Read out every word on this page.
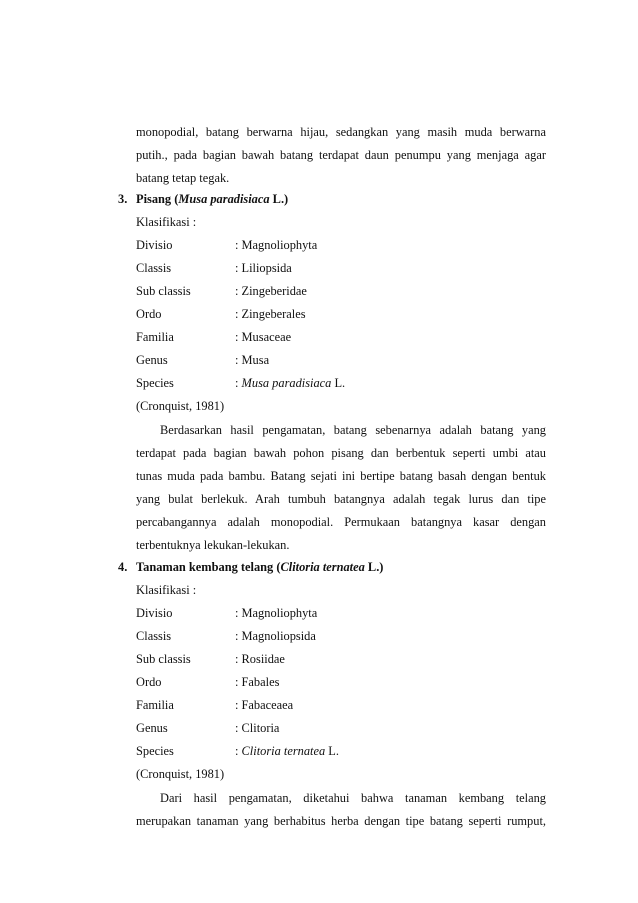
monopodial, batang berwarna hijau, sedangkan yang masih muda berwarna
putih., pada bagian bawah batang terdapat daun penumpu yang menjaga agar
batang tetap tegak.
3. Pisang (Musa paradisiaca L.)
Klasifikasi :
Divisio	: Magnoliophyta
Classis	: Liliopsida
Sub classis	: Zingeberidae
Ordo	: Zingeberales
Familia	: Musaceae
Genus	: Musa
Species	: Musa paradisiaca L.
(Cronquist, 1981)
Berdasarkan hasil pengamatan, batang sebenarnya adalah batang yang
terdapat pada bagian bawah pohon pisang dan berbentuk seperti umbi atau
tunas muda pada bambu. Batang sejati ini bertipe batang basah dengan bentuk
yang bulat berlekuk. Arah tumbuh batangnya adalah tegak lurus dan tipe
percabangannya adalah monopodial. Permukaan batangnya kasar dengan
terbentuknya lekukan-lekukan.
4. Tanaman kembang telang (Clitoria ternatea L.)
Klasifikasi :
Divisio	: Magnoliophyta
Classis	: Magnoliopsida
Sub classis	: Rosiidae
Ordo	: Fabales
Familia	: Fabaceaea
Genus	: Clitoria
Species	: Clitoria ternatea L.
(Cronquist, 1981)
Dari hasil pengamatan, diketahui bahwa tanaman kembang telang
merupakan tanaman yang berhabitus herba dengan tipe batang seperti rumput,
